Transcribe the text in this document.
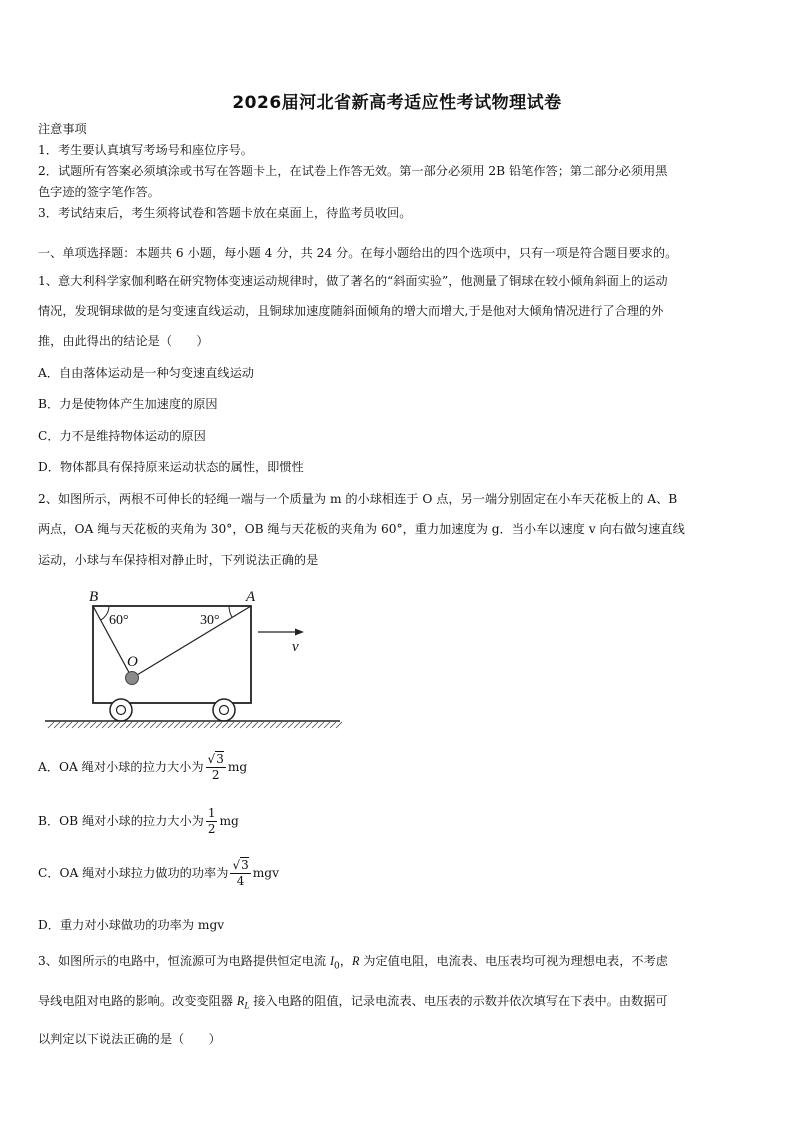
2026届河北省新高考适应性考试物理试卷
注意事项
1．考生要认真填写考场号和座位序号。
2．试题所有答案必须填涂或书写在答题卡上，在试卷上作答无效。第一部分必须用 2B 铅笔作答；第二部分必须用黑
色字迹的签字笔作答。
3．考试结束后，考生须将试卷和答题卡放在桌面上，待监考员收回。
一、单项选择题：本题共 6 小题，每小题 4 分，共 24 分。在每小题给出的四个选项中，只有一项是符合题目要求的。
1、意大利科学家伽利略在研究物体变速运动规律时，做了著名的“斜面实验”，他测量了铜球在较小倾角斜面上的运动
情况，发现铜球做的是匀变速直线运动，且铜球加速度随斜面倾角的增大而增大,于是他对大倾角情况进行了合理的外
推，由此得出的结论是（　　）
A．自由落体运动是一种匀变速直线运动
B．力是使物体产生加速度的原因
C．力不是维持物体运动的原因
D．物体都具有保持原来运动状态的属性，即惯性
2、如图所示，两根不可伸长的轻绳一端与一个质量为 m 的小球相连于 O 点，另一端分别固定在小车天花板上的 A、B
两点，OA 绳与天花板的夹角为 30°，OB 绳与天花板的夹角为 60°，重力加速度为 g．当小车以速度 v 向右做匀速直线
运动，小球与车保持相对静止时，下列说法正确的是
B	A
O
60°	30°
v
A．OA 绳对小球的拉力大小为 $\frac{√3}{2}$ mg
B．OB 绳对小球的拉力大小为 $\frac{1}{2}$ mg
C．OA 绳对小球拉力做功的功率为 $\frac{√3}{4}$ mgv
D．重力对小球做功的功率为 mgv
3、如图所示的电路中，恒流源可为电路提供恒定电流 $I_0$，R 为定值电阻，电流表、电压表均可视为理想电表，不考虑
导线电阻对电路的影响。改变变阻器 $R_L$ 接入电路的阻值，记录电流表、电压表的示数并依次填写在下表中。由数据可
以判定以下说法正确的是（　　）
